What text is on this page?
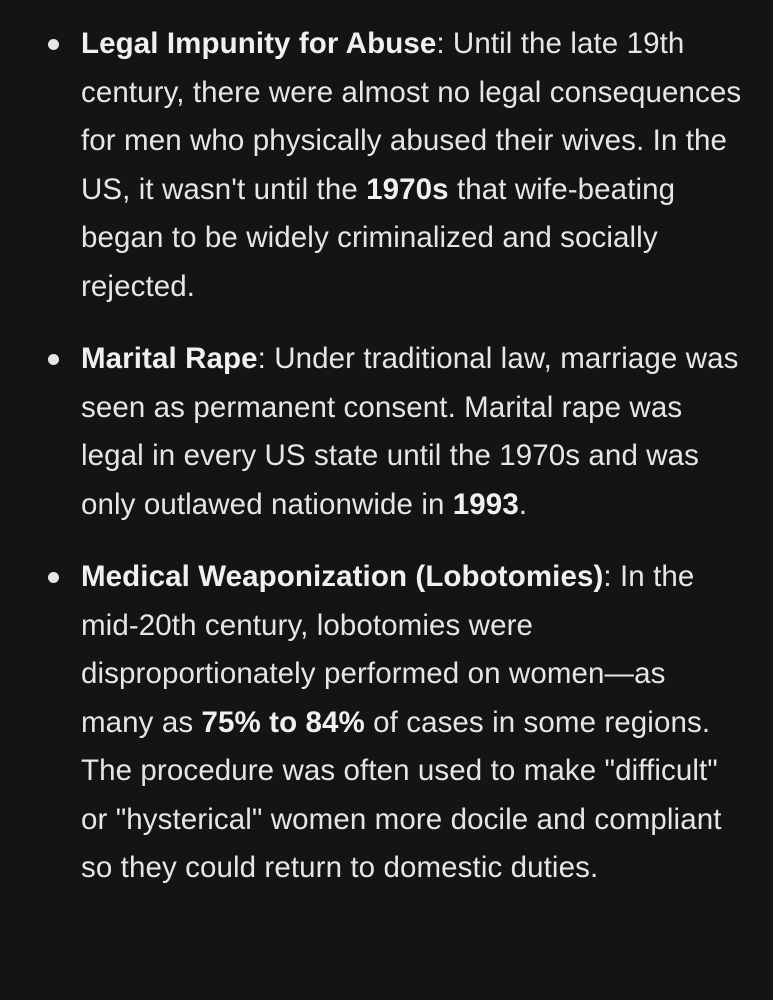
Legal Impunity for Abuse: Until the late 19th century, there were almost no legal consequences for men who physically abused their wives. In the US, it wasn't until the 1970s that wife-beating began to be widely criminalized and socially rejected.
Marital Rape: Under traditional law, marriage was seen as permanent consent. Marital rape was legal in every US state until the 1970s and was only outlawed nationwide in 1993.
Medical Weaponization (Lobotomies): In the mid-20th century, lobotomies were disproportionately performed on women—as many as 75% to 84% of cases in some regions. The procedure was often used to make "difficult" or "hysterical" women more docile and compliant so they could return to domestic duties.
